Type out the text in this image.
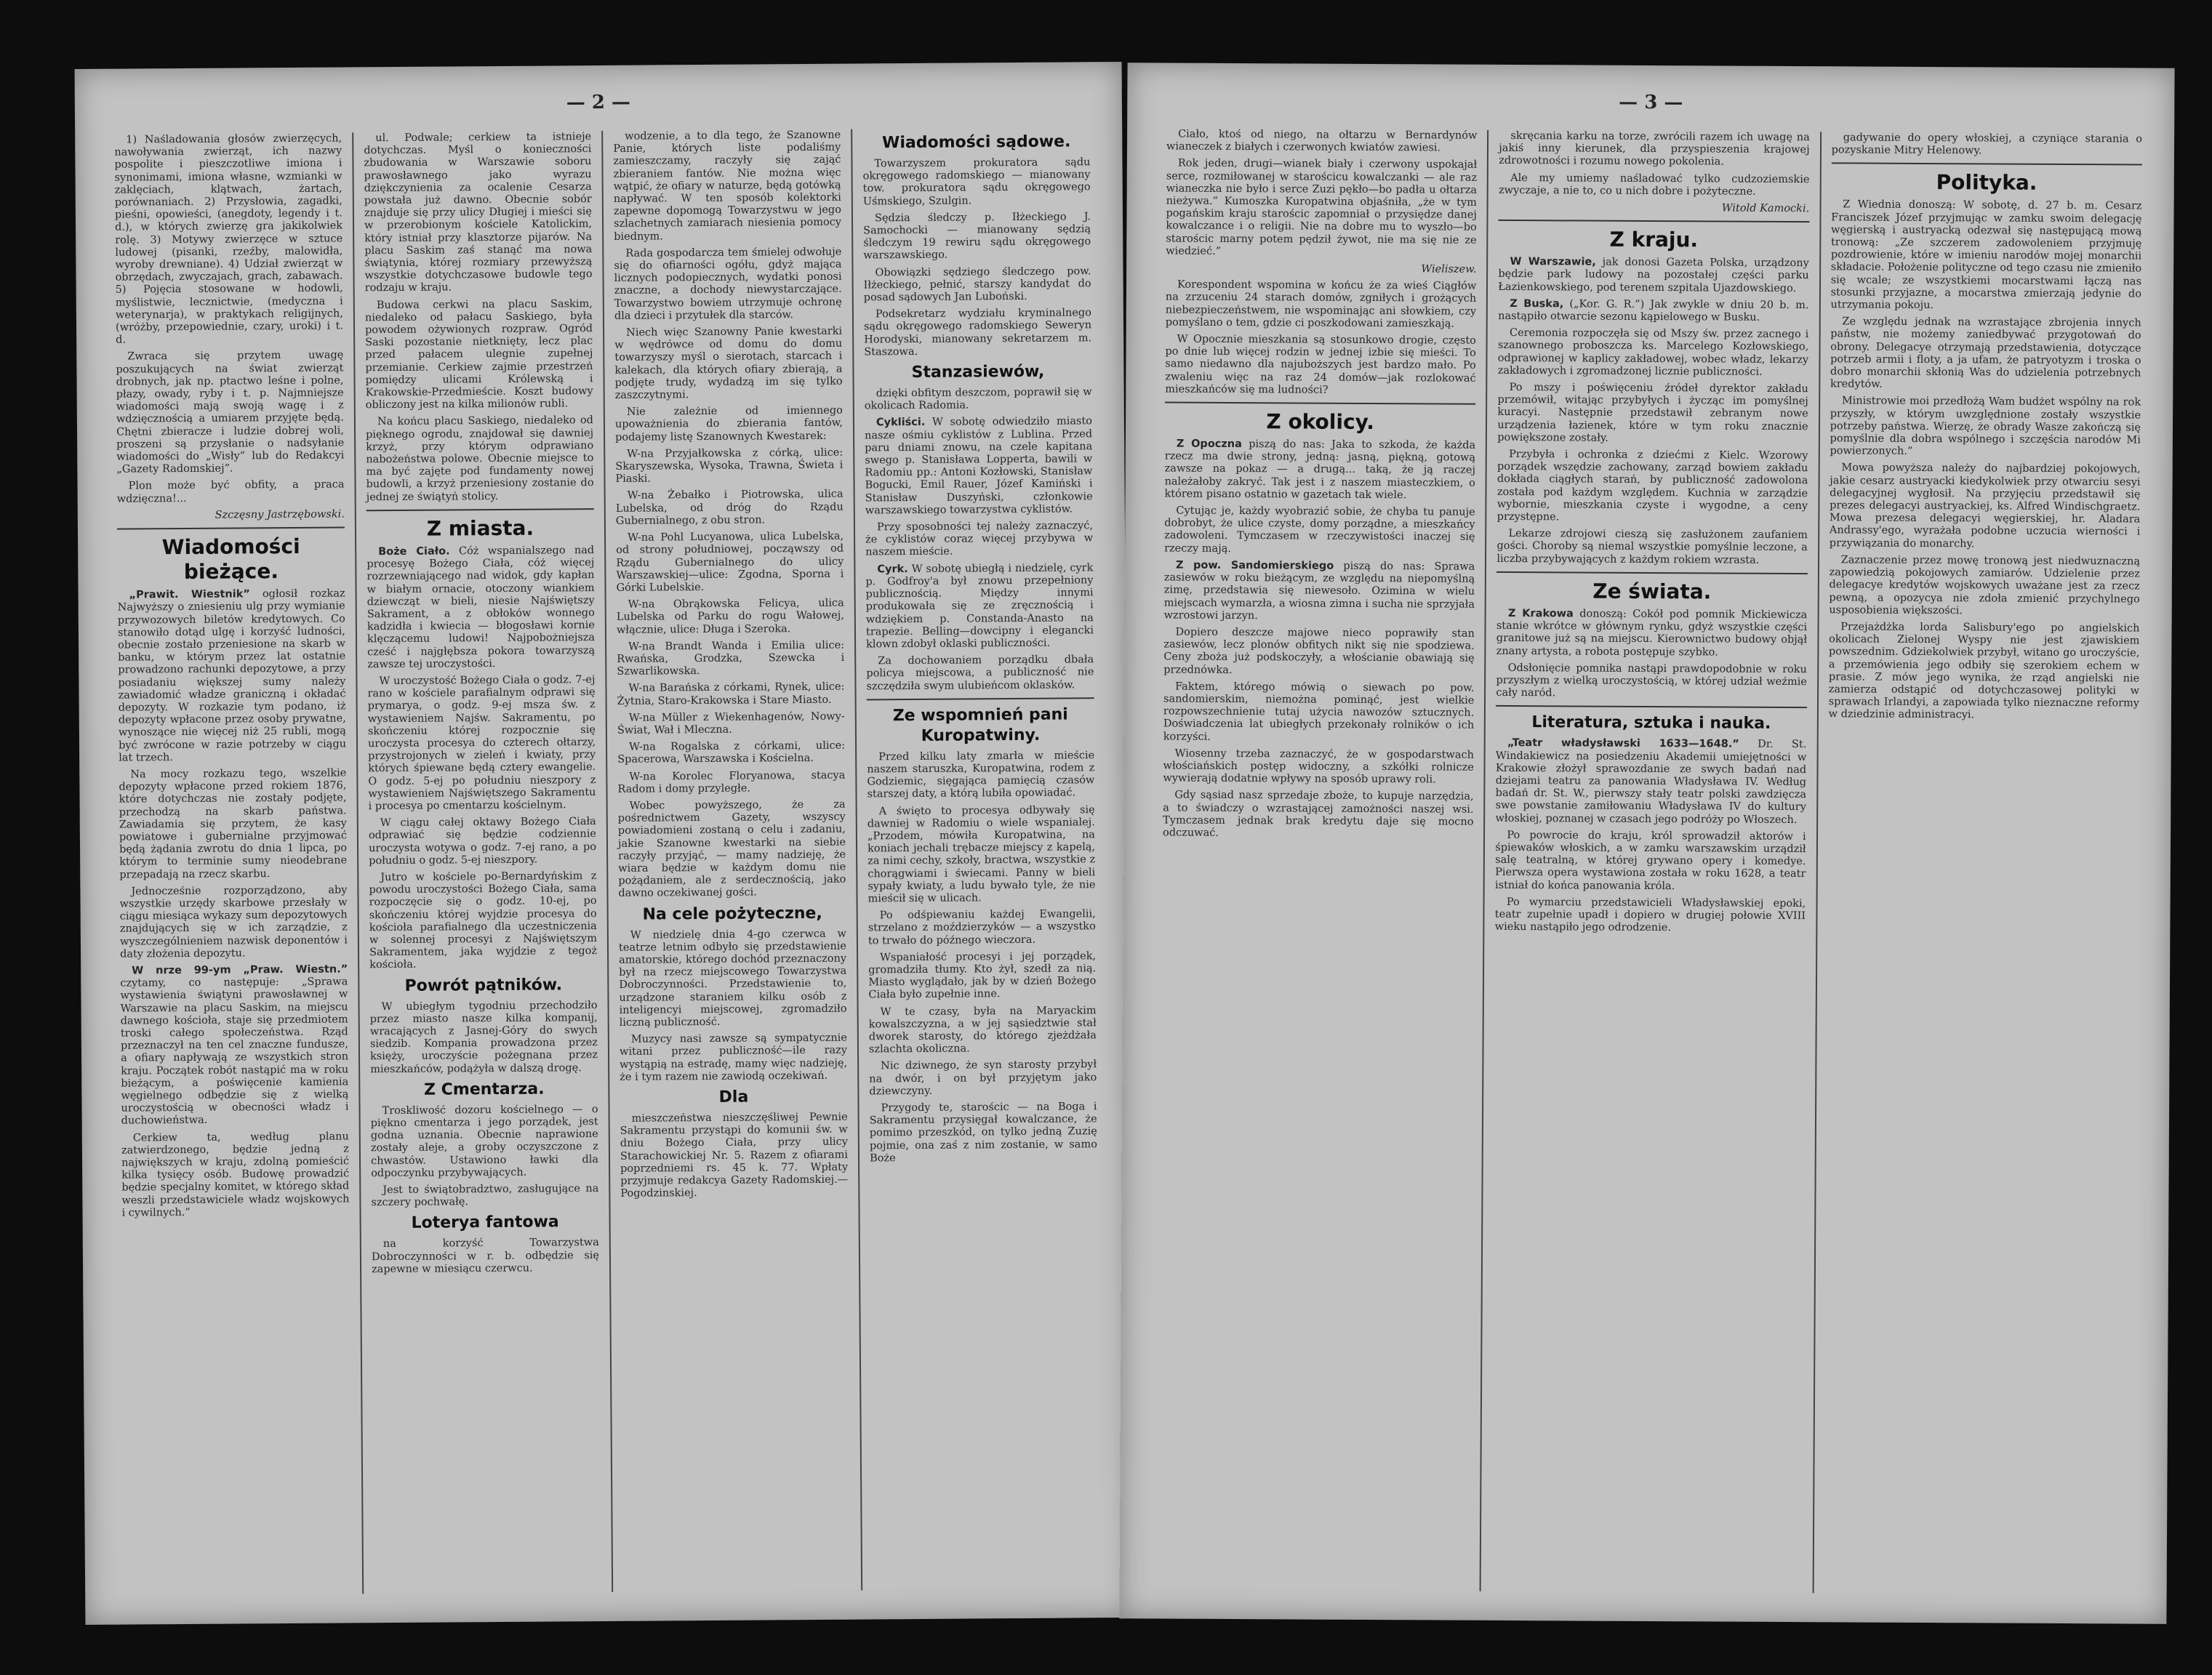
— 2 —

1) Naśladowania głosów zwierzęcych, nawoływania zwierząt, ich nazwy pospolite i pieszczotliwe imiona i synonimami, imiona własne, wzmianki w zaklęciach, klątwach, żartach, porównaniach. 2) Przysłowia, zagadki, pieśni, opowieści, (anegdoty, legendy i t. d.), w których zwierzę gra jakikolwiek rolę. 3) Motywy zwierzęce w sztuce ludowej (pisanki, rzeźby, malowidła, wyroby drewniane). 4) Udział zwierząt w obrzędach, zwyczajach, grach, zabawach. 5) Pojęcia stosowane w hodowli, myślistwie, lecznictwie, (medyczna i weterynarja), w praktykach religijnych, (wróżby, przepowiednie, czary, uroki) i t. d.

Zwraca się przytem uwagę poszukujących na świat zwierząt drobnych, jak np. ptactwo leśne i polne, płazy, owady, ryby i t. p. Najmniejsze wiadomości mają swoją wagę i z wdzięcznością a umiarem przyjęte będą. Chętni zbieracze i ludzie dobrej woli, proszeni są przysłanie o nadsyłanie wiadomości do „Wisły” lub do Redakcyi „Gazety Radomskiej”.

Plon może być obfity, a praca wdzięczna!...

Szczęsny Jastrzębowski.
Wiadomości bieżące.

„Prawit. Wiestnik” ogłosił rozkaz Najwyższy o zniesieniu ulg przy wymianie przywozowych biletów kredytowych. Co stanowiło dotąd ulgę i korzyść ludności, obecnie zostało przeniesione na skarb w banku, w którym przez lat ostatnie prowadzono rachunki depozytowe, a przy posiadaniu większej sumy należy zawiadomić władze graniczną i okładać depozyty. W rozkazie tym podano, iż depozyty wpłacone przez osoby prywatne, wynoszące nie więcej niż 25 rubli, mogą być zwrócone w razie potrzeby w ciągu lat trzech.

Na mocy rozkazu tego, wszelkie depozyty wpłacone przed rokiem 1876, które dotychczas nie zostały podjęte, przechodzą na skarb państwa. Zawiadamia się przytem, że kasy powiatowe i gubernialne przyjmować będą żądania zwrotu do dnia 1 lipca, po którym to terminie sumy nieodebrane przepadają na rzecz skarbu.

Jednocześnie rozporządzono, aby wszystkie urzędy skarbowe przesłały w ciągu miesiąca wykazy sum depozytowych znajdujących się w ich zarządzie, z wyszczególnieniem nazwisk deponentów i daty złożenia depozytu.

W nrze 99-ym „Praw. Wiestn.” czytamy, co następuje: „Sprawa wystawienia świątyni prawosławnej w Warszawie na placu Saskim, na miejscu dawnego kościoła, staje się przedmiotem troski całego społeczeństwa. Rząd przeznaczył na ten cel znaczne fundusze, a ofiary napływają ze wszystkich stron kraju. Początek robót nastąpić ma w roku bieżącym, a poświęcenie kamienia węgielnego odbędzie się z wielką uroczystością w obecności władz i duchowieństwa.

Cerkiew ta, według planu zatwierdzonego, będzie jedną z największych w kraju, zdolną pomieścić kilka tysięcy osób. Budowę prowadzić będzie specjalny komitet, w którego skład weszli przedstawiciele władz wojskowych i cywilnych.”

ul. Podwale; cerkiew ta istnieje dotychczas. Myśl o konieczności zbudowania w Warszawie soboru prawosławnego jako wyrazu dziękczynienia za ocalenie Cesarza powstała już dawno. Obecnie sobór znajduje się przy ulicy Długiej i mieści się w przerobionym kościele Katolickim, który istniał przy klasztorze pijarów. Na placu Saskim zaś stanąć ma nowa świątynia, której rozmiary przewyższą wszystkie dotychczasowe budowle tego rodzaju w kraju.

Budowa cerkwi na placu Saskim, niedaleko od pałacu Saskiego, była powodem ożywionych rozpraw. Ogród Saski pozostanie nietknięty, lecz plac przed pałacem ulegnie zupełnej przemianie. Cerkiew zajmie przestrzeń pomiędzy ulicami Królewską i Krakowskie-Przedmieście. Koszt budowy obliczony jest na kilka milionów rubli.

Na końcu placu Saskiego, niedaleko od pięknego ogrodu, znajdował się dawniej krzyż, przy którym odprawiano nabożeństwa polowe. Obecnie miejsce to ma być zajęte pod fundamenty nowej budowli, a krzyż przeniesiony zostanie do jednej ze świątyń stolicy.

Z miasta.

Boże Ciało. Cóż wspanialszego nad procesyę Bożego Ciała, cóż więcej rozrzewniającego nad widok, gdy kapłan w białym ornacie, otoczony wiankiem dziewcząt w bieli, niesie Najświętszy Sakrament, a z obłoków wonnego kadzidła i kwiecia — błogosławi kornie klęczącemu ludowi! Najpobożniejsza cześć i najgłębsza pokora towarzyszą zawsze tej uroczystości.

W uroczystość Bożego Ciała o godz. 7-ej rano w kościele parafialnym odprawi się prymarya, o godz. 9-ej msza św. z wystawieniem Najśw. Sakramentu, po skończeniu której rozpocznie się uroczysta procesya do czterech ołtarzy, przystrojonych w zieleń i kwiaty, przy których śpiewane będą cztery ewangelie. O godz. 5-ej po południu nieszpory z wystawieniem Najświętszego Sakramentu i procesya po cmentarzu kościelnym.

W ciągu całej oktawy Bożego Ciała odprawiać się będzie codziennie uroczysta wotywa o godz. 7-ej rano, a po południu o godz. 5-ej nieszpory.

Jutro w kościele po-Bernardyńskim z powodu uroczystości Bożego Ciała, sama rozpoczęcie się o godz. 10-ej, po skończeniu której wyjdzie procesya do kościoła parafialnego dla uczestniczenia w solennej procesyi z Najświętszym Sakramentem, jaka wyjdzie z tegoż kościoła.

Powrót pątników.

W ubiegłym tygodniu przechodziło przez miasto nasze kilka kompanij, wracających z Jasnej-Góry do swych siedzib. Kompania prowadzona przez księży, uroczyście pożegnana przez mieszkańców, podążyła w dalszą drogę.

Z Cmentarza.

Troskliwość dozoru kościelnego — o piękno cmentarza i jego porządek, jest godna uznania. Obecnie naprawione zostały aleje, a groby oczyszczone z chwastów. Ustawiono ławki dla odpoczynku przybywających.

Jest to świątobradztwo, zasługujące na szczery pochwałę.

Loterya fantowa

na korzyść Towarzystwa Dobroczynności w r. b. odbędzie się zapewne w miesiącu czerwcu.

wodzenie, a to dla tego, że Szanowne Panie, których liste podaliśmy zamieszczamy, raczyły się zająć zbieraniem fantów. Nie można więc wątpić, że ofiary w naturze, będą gotówką napływać. W ten sposób kolektorki zapewne dopomogą Towarzystwu w jego szlachetnych zamiarach niesienia pomocy biednym.

Rada gospodarcza tem śmielej odwołuje się do ofiarności ogółu, gdyż mająca licznych podopiecznych, wydatki ponosi znaczne, a dochody niewystarczające. Towarzystwo bowiem utrzymuje ochronę dla dzieci i przytułek dla starców.

Niech więc Szanowny Panie kwestarki w wędrówce od domu do domu towarzyszy myśl o sierotach, starcach i kalekach, dla których ofiary zbierają, a podjęte trudy, wydadzą im się tylko zaszczytnymi.

Nie zależnie od imiennego upoważnienia do zbierania fantów, podajemy listę Szanownych Kwestarek:

W-na Przyjałkowska z córką, ulice: Skaryszewska, Wysoka, Trawna, Świeta i Piaski.

W-na Żebałko i Piotrowska, ulica Lubelska, od dróg do Rządu Gubernialnego, z obu stron.

W-na Pohl Lucyanowa, ulica Lubelska, od strony południowej, począwszy od Rządu Gubernialnego do ulicy Warszawskiej—ulice: Zgodna, Sporna i Górki Lubelskie.

W-na Obrąkowska Felicya, ulica Lubelska od Parku do rogu Wałowej, włącznie, ulice: Długa i Szeroka.

W-na Brandt Wanda i Emilia ulice: Rwańska, Grodzka, Szewcka i Szwarlikowska.

W-na Barańska z córkami, Rynek, ulice: Żytnia, Staro-Krakowska i Stare Miasto.

W-na Müller z Wiekenhagenów, Nowy-Świat, Wał i Mleczna.

W-na Rogalska z córkami, ulice: Spacerowa, Warszawska i Kościelna.

W-na Korolec Floryanowa, stacya Radom i domy przyległe.

Wobec powyższego, że za pośrednictwem Gazety, wszyscy powiadomieni zostaną o celu i zadaniu, jakie Szanowne kwestarki na siebie raczyły przyjąć, — mamy nadzieję, że wiara będzie w każdym domu nie pożądaniem, ale z serdecznością, jako dawno oczekiwanej gości.

Na cele pożyteczne,

W niedzielę dnia 4-go czerwca w teatrze letnim odbyło się przedstawienie amatorskie, którego dochód przeznaczony był na rzecz miejscowego Towarzystwa Dobroczynności. Przedstawienie to, urządzone staraniem kilku osób z inteligencyi miejscowej, zgromadziło liczną publiczność.

Muzycy nasi zawsze są sympatycznie witani przez publiczność—ile razy wystąpią na estradę, mamy więc nadzieję, że i tym razem nie zawiodą oczekiwań.

Dla

mieszczeństwa nieszczęśliwej Pewnie Sakramentu przystąpi do komunii św. w dniu Bożego Ciała, przy ulicy Starachowickiej Nr. 5. Razem z ofiarami poprzedniemi rs. 45 k. 77. Wpłaty przyjmuje redakcya Gazety Radomskiej.—Pogodzinskiej.

Wiadomości sądowe.

Towarzyszem prokuratora sądu okręgowego radomskiego — mianowany tow. prokuratora sądu okręgowego Uśmskiego, Szulgin.

Sędzia śledczy p. Iłżeckiego J. Samochocki — mianowany sędzią śledczym 19 rewiru sądu okręgowego warszawskiego.

Obowiązki sędziego śledczego pow. Iłżeckiego, pełnić, starszy kandydat do posad sądowych Jan Luboński.

Podsekretarz wydziału kryminalnego sądu okręgowego radomskiego Seweryn Horodyski, mianowany sekretarzem m. Staszowa.

Stanzasiewów,

dzięki obfitym deszczom, poprawił się w okolicach Radomia.

Cykliści. W sobotę odwiedziło miasto nasze ośmiu cyklistów z Lublina. Przed paru dniami znowu, na czele kapitana swego p. Stanisława Lopperta, bawili w Radomiu pp.: Antoni Kozłowski, Stanisław Bogucki, Emil Rauer, Józef Kamiński i Stanisław Duszyński, członkowie warszawskiego towarzystwa cyklistów.

Przy sposobności tej należy zaznaczyć, że cyklistów coraz więcej przybywa w naszem mieście.

Cyrk. W sobotę ubiegłą i niedzielę, cyrk p. Godfroy'a był znowu przepełniony publicznością. Między innymi produkowała się ze zręcznością i wdziękiem p. Constanda-Anasto na trapezie. Belling—dowcipny i elegancki klown zdobył oklaski publiczności.

Za dochowaniem porządku dbała policya miejscowa, a publiczność nie szczędziła swym ulubieńcom oklasków.

Ze wspomnień pani Kuropatwiny.

Przed kilku laty zmarła w mieście naszem staruszka, Kuropatwina, rodem z Godziemic, sięgająca pamięcią czasów starszej daty, a którą lubiła opowiadać.

A święto to procesya odbywały się dawniej w Radomiu o wiele wspanialej. „Przodem, mówiła Kuropatwina, na koniach jechali trębacze miejscy z kapelą, za nimi cechy, szkoły, bractwa, wszystkie z chorągwiami i świecami. Panny w bieli sypały kwiaty, a ludu bywało tyle, że nie mieścił się w ulicach.

Po odśpiewaniu każdej Ewangelii, strzelano z moździerzyków — a wszystko to trwało do późnego wieczora.

Wspaniałość procesyi i jej porządek, gromadziła tłumy. Kto żył, szedł za nią. Miasto wyglądało, jak by w dzień Bożego Ciała było zupełnie inne.

W te czasy, była na Maryackim kowalszczyzna, a w jej sąsiedztwie stał dworek starosty, do którego zjeżdżała szlachta okoliczna.

Nic dziwnego, że syn starosty przybył na dwór, i on był przyjętym jako dziewczyny.

Przygody te, starościc — na Boga i Sakramentu przysięgał kowalczance, że pomimo przeszkód, on tylko jedną Zuzię pojmie, ona zaś z nim zostanie, w samo Boże

— 3 —

Ciało, ktoś od niego, na ołtarzu w Bernardynów wianeczek z białych i czerwonych kwiatów zawiesi.

Rok jeden, drugi—wianek biały i czerwony uspokajał serce, rozmiłowanej w starościcu kowalczanki — ale raz wianeczka nie było i serce Zuzi pękło—bo padła u ołtarza nieżywa.” Kumoszka Kuropatwina objaśniła, „że w tym pogańskim kraju starościc zapomniał o przysiędze danej kowalczance i o religii. Nie na dobre mu to wyszło—bo starościc marny potem pędził żywot, nie ma się nie ze wiedzieć.”

Wieliszew.

Korespondent wspomina w końcu że za wieś Ciągłów na zrzuceniu 24 starach domów, zgniłych i grożących niebezpieczeństwem, nie wspominając ani słowkiem, czy pomyślano o tem, gdzie ci poszkodowani zamieszkają.

W Opocznie mieszkania są stosunkowo drogie, często po dnie lub więcej rodzin w jednej izbie się mieści. To samo niedawno dla najuboższych jest bardzo mało. Po zwaleniu więc na raz 24 domów—jak rozlokować mieszkańców się ma ludności?

Z okolicy.

Z Opoczna piszą do nas: Jaka to szkoda, że każda rzecz ma dwie strony, jedną: jasną, piękną, gotową zawsze na pokaz — a drugą... taką, że ją raczej należałoby zakryć. Tak jest i z naszem miasteczkiem, o którem pisano ostatnio w gazetach tak wiele.

Cytując je, każdy wyobrazić sobie, że chyba tu panuje dobrobyt, że ulice czyste, domy porządne, a mieszkańcy zadowoleni. Tymczasem w rzeczywistości inaczej się rzeczy mają.

Z pow. Sandomierskiego piszą do nas: Sprawa zasiewów w roku bieżącym, ze względu na niepomyślną zimę, przedstawia się niewesoło. Ozimina w wielu miejscach wymarzła, a wiosna zimna i sucha nie sprzyjała wzrostowi jarzyn.

Dopiero deszcze majowe nieco poprawiły stan zasiewów, lecz plonów obfitych nikt się nie spodziewa. Ceny zboża już podskoczyły, a włościanie obawiają się przednówka.

Faktem, którego mówią o siewach po pow. sandomierskim, niemożna pominąć, jest wielkie rozpowszechnienie tutaj użycia nawozów sztucznych. Doświadczenia lat ubiegłych przekonały rolników o ich korzyści.

Wiosenny trzeba zaznaczyć, że w gospodarstwach włościańskich postęp widoczny, a szkółki rolnicze wywierają dodatnie wpływy na sposób uprawy roli.

Gdy sąsiad nasz sprzedaje zboże, to kupuje narzędzia, a to świadczy o wzrastającej zamożności naszej wsi. Tymczasem jednak brak kredytu daje się mocno odczuwać.

skręcania karku na torze, zwrócili razem ich uwagę na jakiś inny kierunek, dla przyspieszenia krajowej zdrowotności i rozumu nowego pokolenia.

Ale my umiemy naśladować tylko cudzoziemskie zwyczaje, a nie to, co u nich dobre i pożyteczne.

Witold Kamocki.
Z kraju.

W Warszawie, jak donosi Gazeta Polska, urządzony będzie park ludowy na pozostałej części parku Łazienkowskiego, pod terenem szpitala Ujazdowskiego.

Z Buska, („Kor. G. R.”) Jak zwykle w dniu 20 b. m. nastąpiło otwarcie sezonu kąpielowego w Busku.

Ceremonia rozpoczęła się od Mszy św. przez zacnego i szanownego proboszcza ks. Marcelego Kozłowskiego, odprawionej w kaplicy zakładowej, wobec władz, lekarzy zakładowych i zgromadzonej licznie publiczności.

Po mszy i poświęceniu źródeł dyrektor zakładu przemówił, witając przybyłych i życząc im pomyślnej kuracyi. Następnie przedstawił zebranym nowe urządzenia łazienek, które w tym roku znacznie powiększone zostały.

Przybyła i ochronka z dziećmi z Kielc. Wzorowy porządek wszędzie zachowany, zarząd bowiem zakładu dokłada ciągłych starań, by publiczność zadowolona została pod każdym względem. Kuchnia w zarządzie wybornie, mieszkania czyste i wygodne, a ceny przystępne.

Lekarze zdrojowi cieszą się zasłużonem zaufaniem gości. Choroby są niemal wszystkie pomyślnie leczone, a liczba przybywających z każdym rokiem wzrasta.

Ze świata.

Z Krakowa donoszą: Cokół pod pomnik Mickiewicza stanie wkrótce w głównym rynku, gdyż wszystkie części granitowe już są na miejscu. Kierownictwo budowy objął znany artysta, a robota postępuje szybko.

Odsłonięcie pomnika nastąpi prawdopodobnie w roku przyszłym z wielką uroczystością, w której udział weźmie cały naród.

Literatura, sztuka i nauka.

„Teatr władysławski 1633—1648.” Dr. St. Windakiewicz na posiedzeniu Akademii umiejętności w Krakowie złożył sprawozdanie ze swych badań nad dziejami teatru za panowania Władysława IV. Według badań dr. St. W., pierwszy stały teatr polski zawdzięcza swe powstanie zamiłowaniu Władysława IV do kultury włoskiej, poznanej w czasach jego podróży po Włoszech.

Po powrocie do kraju, król sprowadził aktorów i śpiewaków włoskich, a w zamku warszawskim urządził salę teatralną, w której grywano opery i komedye. Pierwsza opera wystawiona została w roku 1628, a teatr istniał do końca panowania króla.

Po wymarciu przedstawicieli Władysławskiej epoki, teatr zupełnie upadł i dopiero w drugiej połowie XVIII wieku nastąpiło jego odrodzenie.

gadywanie do opery włoskiej, a czyniące starania o pozyskanie Mitry Helenowy.

Polityka.

Z Wiednia donoszą: W sobotę, d. 27 b. m. Cesarz Franciszek Józef przyjmując w zamku swoim delegację węgierską i austryacką odezwał się następującą mową tronową: „Ze szczerem zadowoleniem przyjmuję pozdrowienie, które w imieniu narodów mojej monarchii składacie. Położenie polityczne od tego czasu nie zmieniło się wcale; ze wszystkiemi mocarstwami łączą nas stosunki przyjazne, a mocarstwa zmierzają jedynie do utrzymania pokoju.

Ze względu jednak na wzrastające zbrojenia innych państw, nie możemy zaniedbywać przygotowań do obrony. Delegacye otrzymają przedstawienia, dotyczące potrzeb armii i floty, a ja ufam, że patryotyzm i troska o dobro monarchii skłonią Was do udzielenia potrzebnych kredytów.

Ministrowie moi przedłożą Wam budżet wspólny na rok przyszły, w którym uwzględnione zostały wszystkie potrzeby państwa. Wierzę, że obrady Wasze zakończą się pomyślnie dla dobra wspólnego i szczęścia narodów Mi powierzonych.”

Mowa powyższa należy do najbardziej pokojowych, jakie cesarz austryacki kiedykolwiek przy otwarciu sesyi delegacyjnej wygłosił. Na przyjęciu przedstawił się prezes delegacyi austryackiej, ks. Alfred Windischgraetz. Mowa prezesa delegacyi węgierskiej, hr. Aladara Andrassy'ego, wyrażała podobne uczucia wierności i przywiązania do monarchy.

Zaznaczenie przez mowę tronową jest niedwuznaczną zapowiedzią pokojowych zamiarów. Udzielenie przez delegacye kredytów wojskowych uważane jest za rzecz pewną, a opozycya nie zdoła zmienić przychylnego usposobienia większości.

Przejażdżka lorda Salisbury'ego po angielskich okolicach Zielonej Wyspy nie jest zjawiskiem powszednim. Gdziekolwiek przybył, witano go uroczyście, a przemówienia jego odbiły się szerokiem echem w prasie. Z mów jego wynika, że rząd angielski nie zamierza odstąpić od dotychczasowej polityki w sprawach Irlandyi, a zapowiada tylko nieznaczne reformy w dziedzinie administracyi.
